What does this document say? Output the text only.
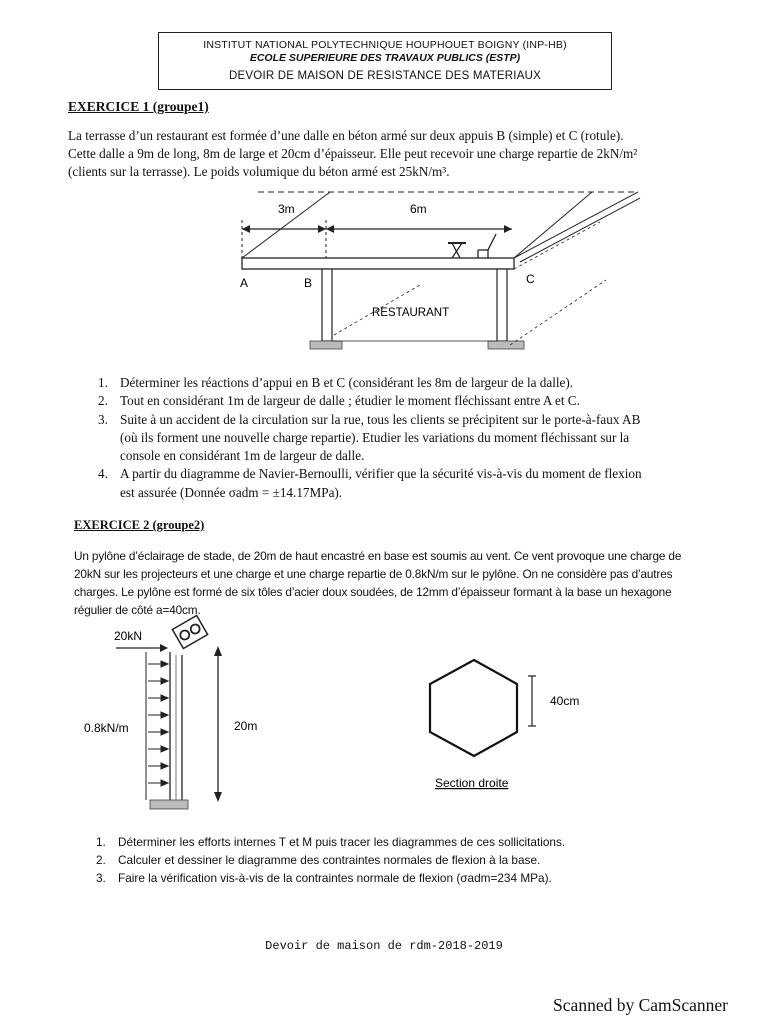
INSTITUT NATIONAL POLYTECHNIQUE HOUPHOUET BOIGNY (INP-HB)
ECOLE SUPERIEURE DES TRAVAUX PUBLICS (ESTP)
DEVOIR DE MAISON DE RESISTANCE DES MATERIAUX
EXERCICE 1 (groupe1)
La terrasse d’un restaurant est formée d’une dalle en béton armé sur deux appuis B (simple) et C (rotule).
Cette dalle a 9m de long, 8m de large et 20cm d’épaisseur. Elle peut recevoir une charge repartie de 2kN/m²
(clients sur la terrasse). Le poids volumique du béton armé est 25kN/m³.
3m	6m
A	B	C
RESTAURANT
1. Déterminer les réactions d’appui en B et C (considérant les 8m de largeur de la dalle).
2. Tout en considérant 1m de largeur de dalle ; étudier le moment fléchissant entre A et C.
3. Suite à un accident de la circulation sur la rue, tous les clients se précipitent sur le porte-à-faux AB
(où ils forment une nouvelle charge repartie). Etudier les variations du moment fléchissant sur la
console en considérant 1m de largeur de dalle.
4. A partir du diagramme de Navier-Bernoulli, vérifier que la sécurité vis-à-vis du moment de flexion
est assurée (Donnée σadm = ±14.17MPa).
EXERCICE 2 (groupe2)
Un pylône d’éclairage de stade, de 20m de haut encastré en base est soumis au vent. Ce vent provoque une charge de
20kN sur les projecteurs et une charge et une charge repartie de 0.8kN/m sur le pylône. On ne considère pas d’autres
charges. Le pylône est formé de six tôles d’acier doux soudées, de 12mm d’épaisseur formant à la base un hexagone
régulier de côté a=40cm.
20kN
0.8kN/m	20m
40cm
Section droite
1. Déterminer les efforts internes T et M puis tracer les diagrammes de ces sollicitations.
2. Calculer et dessiner le diagramme des contraintes normales de flexion à la base.
3. Faire la vérification vis-à-vis de la contraintes normale de flexion (σadm=234 MPa).
Devoir de maison de rdm-2018-2019
Scanned by CamScanner
